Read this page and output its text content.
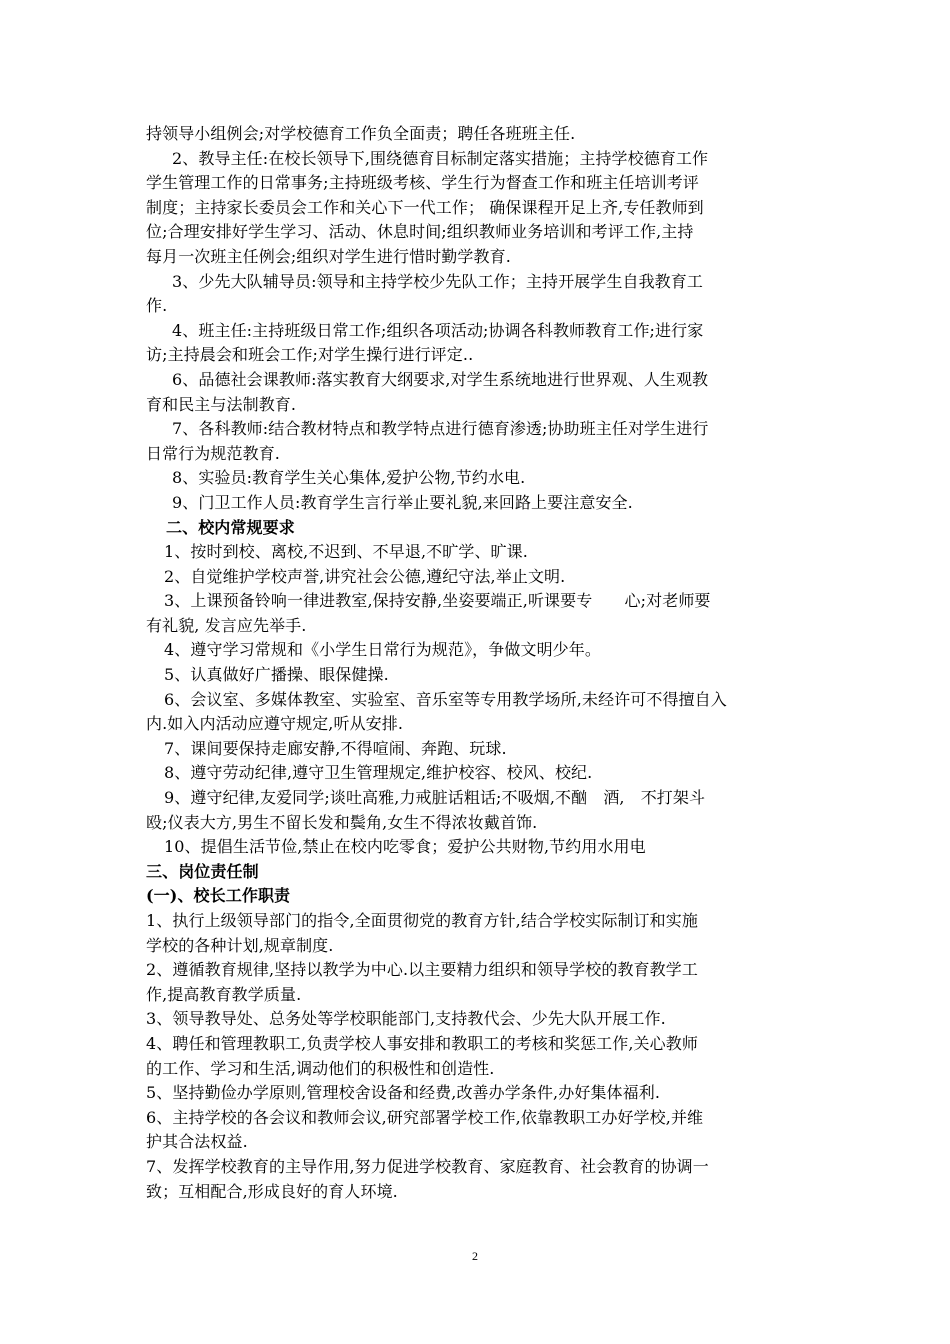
持领导小组例会;对学校德育工作负全面责；聘任各班班主任.
2、教导主任:在校长领导下,围绕德育目标制定落实措施；主持学校德育工作
学生管理工作的日常事务;主持班级考核、学生行为督查工作和班主任培训考评
制度；主持家长委员会工作和关心下一代工作； 确保课程开足上齐,专任教师到
位;合理安排好学生学习、活动、休息时间;组织教师业务培训和考评工作,主持
每月一次班主任例会;组织对学生进行惜时勤学教育.
3、少先大队辅导员:领导和主持学校少先队工作；主持开展学生自我教育工
作.
4、班主任:主持班级日常工作;组织各项活动;协调各科教师教育工作;进行家
访;主持晨会和班会工作;对学生操行进行评定..
6、品德社会课教师:落实教育大纲要求,对学生系统地进行世界观、人生观教
育和民主与法制教育.
7、各科教师:结合教材特点和教学特点进行德育渗透;协助班主任对学生进行
日常行为规范教育.
8、实验员:教育学生关心集体,爱护公物,节约水电.
9、门卫工作人员:教育学生言行举止要礼貌,来回路上要注意安全.
二、校内常规要求
1、按时到校、离校,不迟到、不早退,不旷学、旷课.
2、自觉维护学校声誉,讲究社会公德,遵纪守法,举止文明.
3、上课预备铃响一律进教室,保持安静,坐姿要端正,听课要专　　心;对老师要
有礼貌, 发言应先举手.
4、遵守学习常规和《小学生日常行为规范》，争做文明少年。
5、认真做好广播操、眼保健操.
6、会议室、多媒体教室、实验室、音乐室等专用教学场所,未经许可不得擅自入
内.如入内活动应遵守规定,听从安排.
7、课间要保持走廊安静,不得喧闹、奔跑、玩球.
8、遵守劳动纪律,遵守卫生管理规定,维护校容、校风、校纪.
9、遵守纪律,友爱同学;谈吐高雅,力戒脏话粗话;不吸烟,不酗　酒,　不打架斗
殴;仪表大方,男生不留长发和鬓角,女生不得浓妆戴首饰.
10、提倡生活节俭,禁止在校内吃零食；爱护公共财物,节约用水用电
三、岗位责任制
(一)、校长工作职责
1、执行上级领导部门的指令,全面贯彻党的教育方针,结合学校实际制订和实施
学校的各种计划,规章制度.
2、遵循教育规律,坚持以教学为中心.以主要精力组织和领导学校的教育教学工
作,提高教育教学质量.
3、领导教导处、总务处等学校职能部门,支持教代会、少先大队开展工作.
4、聘任和管理教职工,负责学校人事安排和教职工的考核和奖惩工作,关心教师
的工作、学习和生活,调动他们的积极性和创造性.
5、坚持勤俭办学原则,管理校舍设备和经费,改善办学条件,办好集体福利.
6、主持学校的各会议和教师会议,研究部署学校工作,依靠教职工办好学校,并维
护其合法权益.
7、发挥学校教育的主导作用,努力促进学校教育、家庭教育、社会教育的协调一
致；互相配合,形成良好的育人环境.
2
